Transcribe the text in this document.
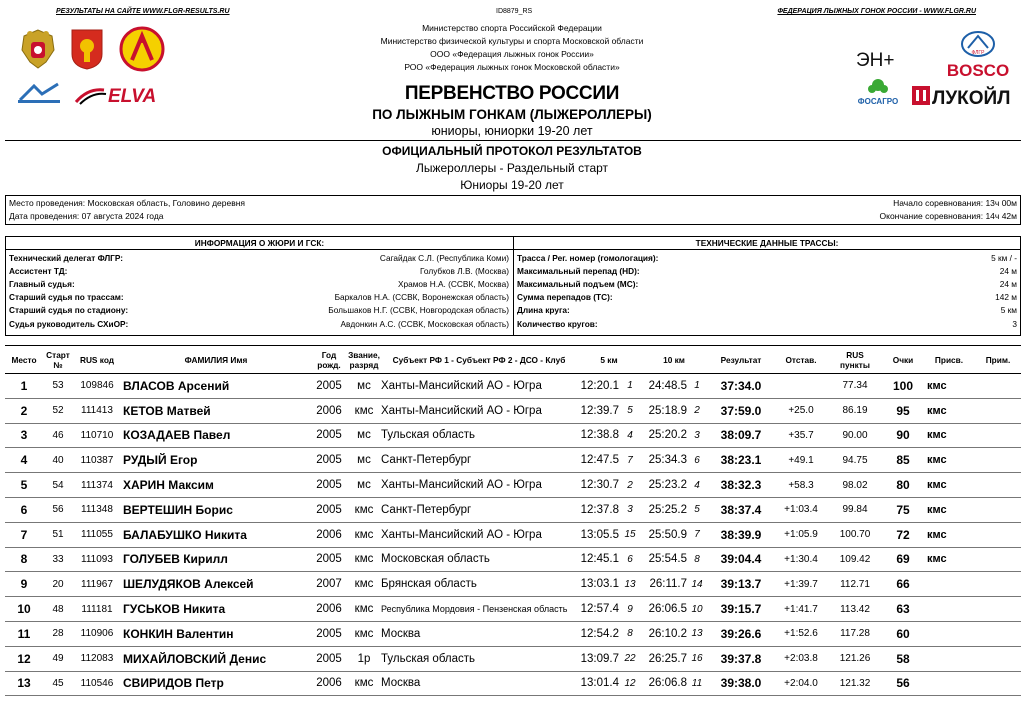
РЕЗУЛЬТАТЫ НА САЙТЕ WWW.FLGR-RESULTS.RU	ID8879_RS	ФЕДЕРАЦИЯ ЛЫЖНЫХ ГОНОК РОССИИ - WWW.FLGR.RU
ELVA
ЭН+
ФОСАГРО
ФЛГР
BOSCO
ЛУКОЙЛ
Министерство спорта Российской Федерации
Министерство физической культуры и спорта Московской области
ООО «Федерация лыжных гонок России»
РОО «Федерация лыжных гонок Московской области»
ПЕРВЕНСТВО РОССИИ
ПО ЛЫЖНЫМ ГОНКАМ (ЛЫЖЕРОЛЛЕРЫ)
юниоры, юниорки 19-20 лет
ОФИЦИАЛЬНЫЙ ПРОТОКОЛ РЕЗУЛЬТАТОВ
Лыжероллеры - Раздельный старт
Юниоры 19-20 лет
Место проведения: Московская область, Головино деревня
Дата проведения: 07 августа 2024 года
Начало соревнования: 13ч 00м
Окончание соревнования: 14ч 42м
ИНФОРМАЦИЯ О ЖЮРИ И ГСК:	ТЕХНИЧЕСКИЕ ДАННЫЕ ТРАССЫ:
Технический делегат ФЛГР:	Сагайдак С.Л. (Республика Коми)
Ассистент ТД:	Голубков Л.В. (Москва)
Главный судья:	Храмов Н.А. (ССВК, Москва)
Старший судья по трассам:	Баркалов Н.А. (ССВК, Воронежская область)
Старший судья по стадиону:	Большаков Н.Г. (ССВК, Новгородская область)
Судья руководитель СХиОР:	Авдонкин А.С. (ССВК, Московская область)
Трасса / Рег. номер (гомологация):	5 км / -
Максимальный перепад (HD):	24 м
Максимальный подъем (MC):	24 м
Сумма перепадов (ТС):	142 м
Длина круга:	5 км
Количество кругов:	3
Место	Старт
№	RUS код	ФАМИЛИЯ Имя	Год
рожд.	Звание,
разряд	Субъект РФ 1 - Субъект РФ 2 - ДСО - Клуб	5 км		10 км		Результат	Отстав.	RUS
пункты	Очки	Присв.	Прим.
1	53	109846	ВЛАСОВ Арсений	2005	мс	Ханты-Мансийский АО - Югра	12:20.1	1	24:48.5	1	37:34.0		77.34	100	кмс	
2	52	111413	КЕТОВ Матвей	2006	кмс	Ханты-Мансийский АО - Югра	12:39.7	5	25:18.9	2	37:59.0	+25.0	86.19	95	кмс	
3	46	110710	КОЗАДАЕВ Павел	2005	мс	Тульская область	12:38.8	4	25:20.2	3	38:09.7	+35.7	90.00	90	кмс	
4	40	110387	РУДЫЙ Егор	2005	мс	Санкт-Петербург	12:47.5	7	25:34.3	6	38:23.1	+49.1	94.75	85	кмс	
5	54	111374	ХАРИН Максим	2005	мс	Ханты-Мансийский АО - Югра	12:30.7	2	25:23.2	4	38:32.3	+58.3	98.02	80	кмс	
6	56	111348	ВЕРТЕШИН Борис	2005	кмс	Санкт-Петербург	12:37.8	3	25:25.2	5	38:37.4	+1:03.4	99.84	75	кмс	
7	51	111055	БАЛАБУШКО Никита	2006	кмс	Ханты-Мансийский АО - Югра	13:05.5	15	25:50.9	7	38:39.9	+1:05.9	100.70	72	кмс	
8	33	111093	ГОЛУБЕВ Кирилл	2005	кмс	Московская область	12:45.1	6	25:54.5	8	39:04.4	+1:30.4	109.42	69	кмс	
9	20	111967	ШЕЛУДЯКОВ Алексей	2007	кмс	Брянская область	13:03.1	13	26:11.7	14	39:13.7	+1:39.7	112.71	66		
10	48	111181	ГУСЬКОВ Никита	2006	кмс	Республика Мордовия - Пензенская область	12:57.4	9	26:06.5	10	39:15.7	+1:41.7	113.42	63		
11	28	110906	КОНКИН Валентин	2005	кмс	Москва	12:54.2	8	26:10.2	13	39:26.6	+1:52.6	117.28	60		
12	49	112083	МИХАЙЛОВСКИЙ Денис	2005	1р	Тульская область	13:09.7	22	26:25.7	16	39:37.8	+2:03.8	121.26	58		
13	45	110546	СВИРИДОВ Петр	2006	кмс	Москва	13:01.4	12	26:06.8	11	39:38.0	+2:04.0	121.32	56		
